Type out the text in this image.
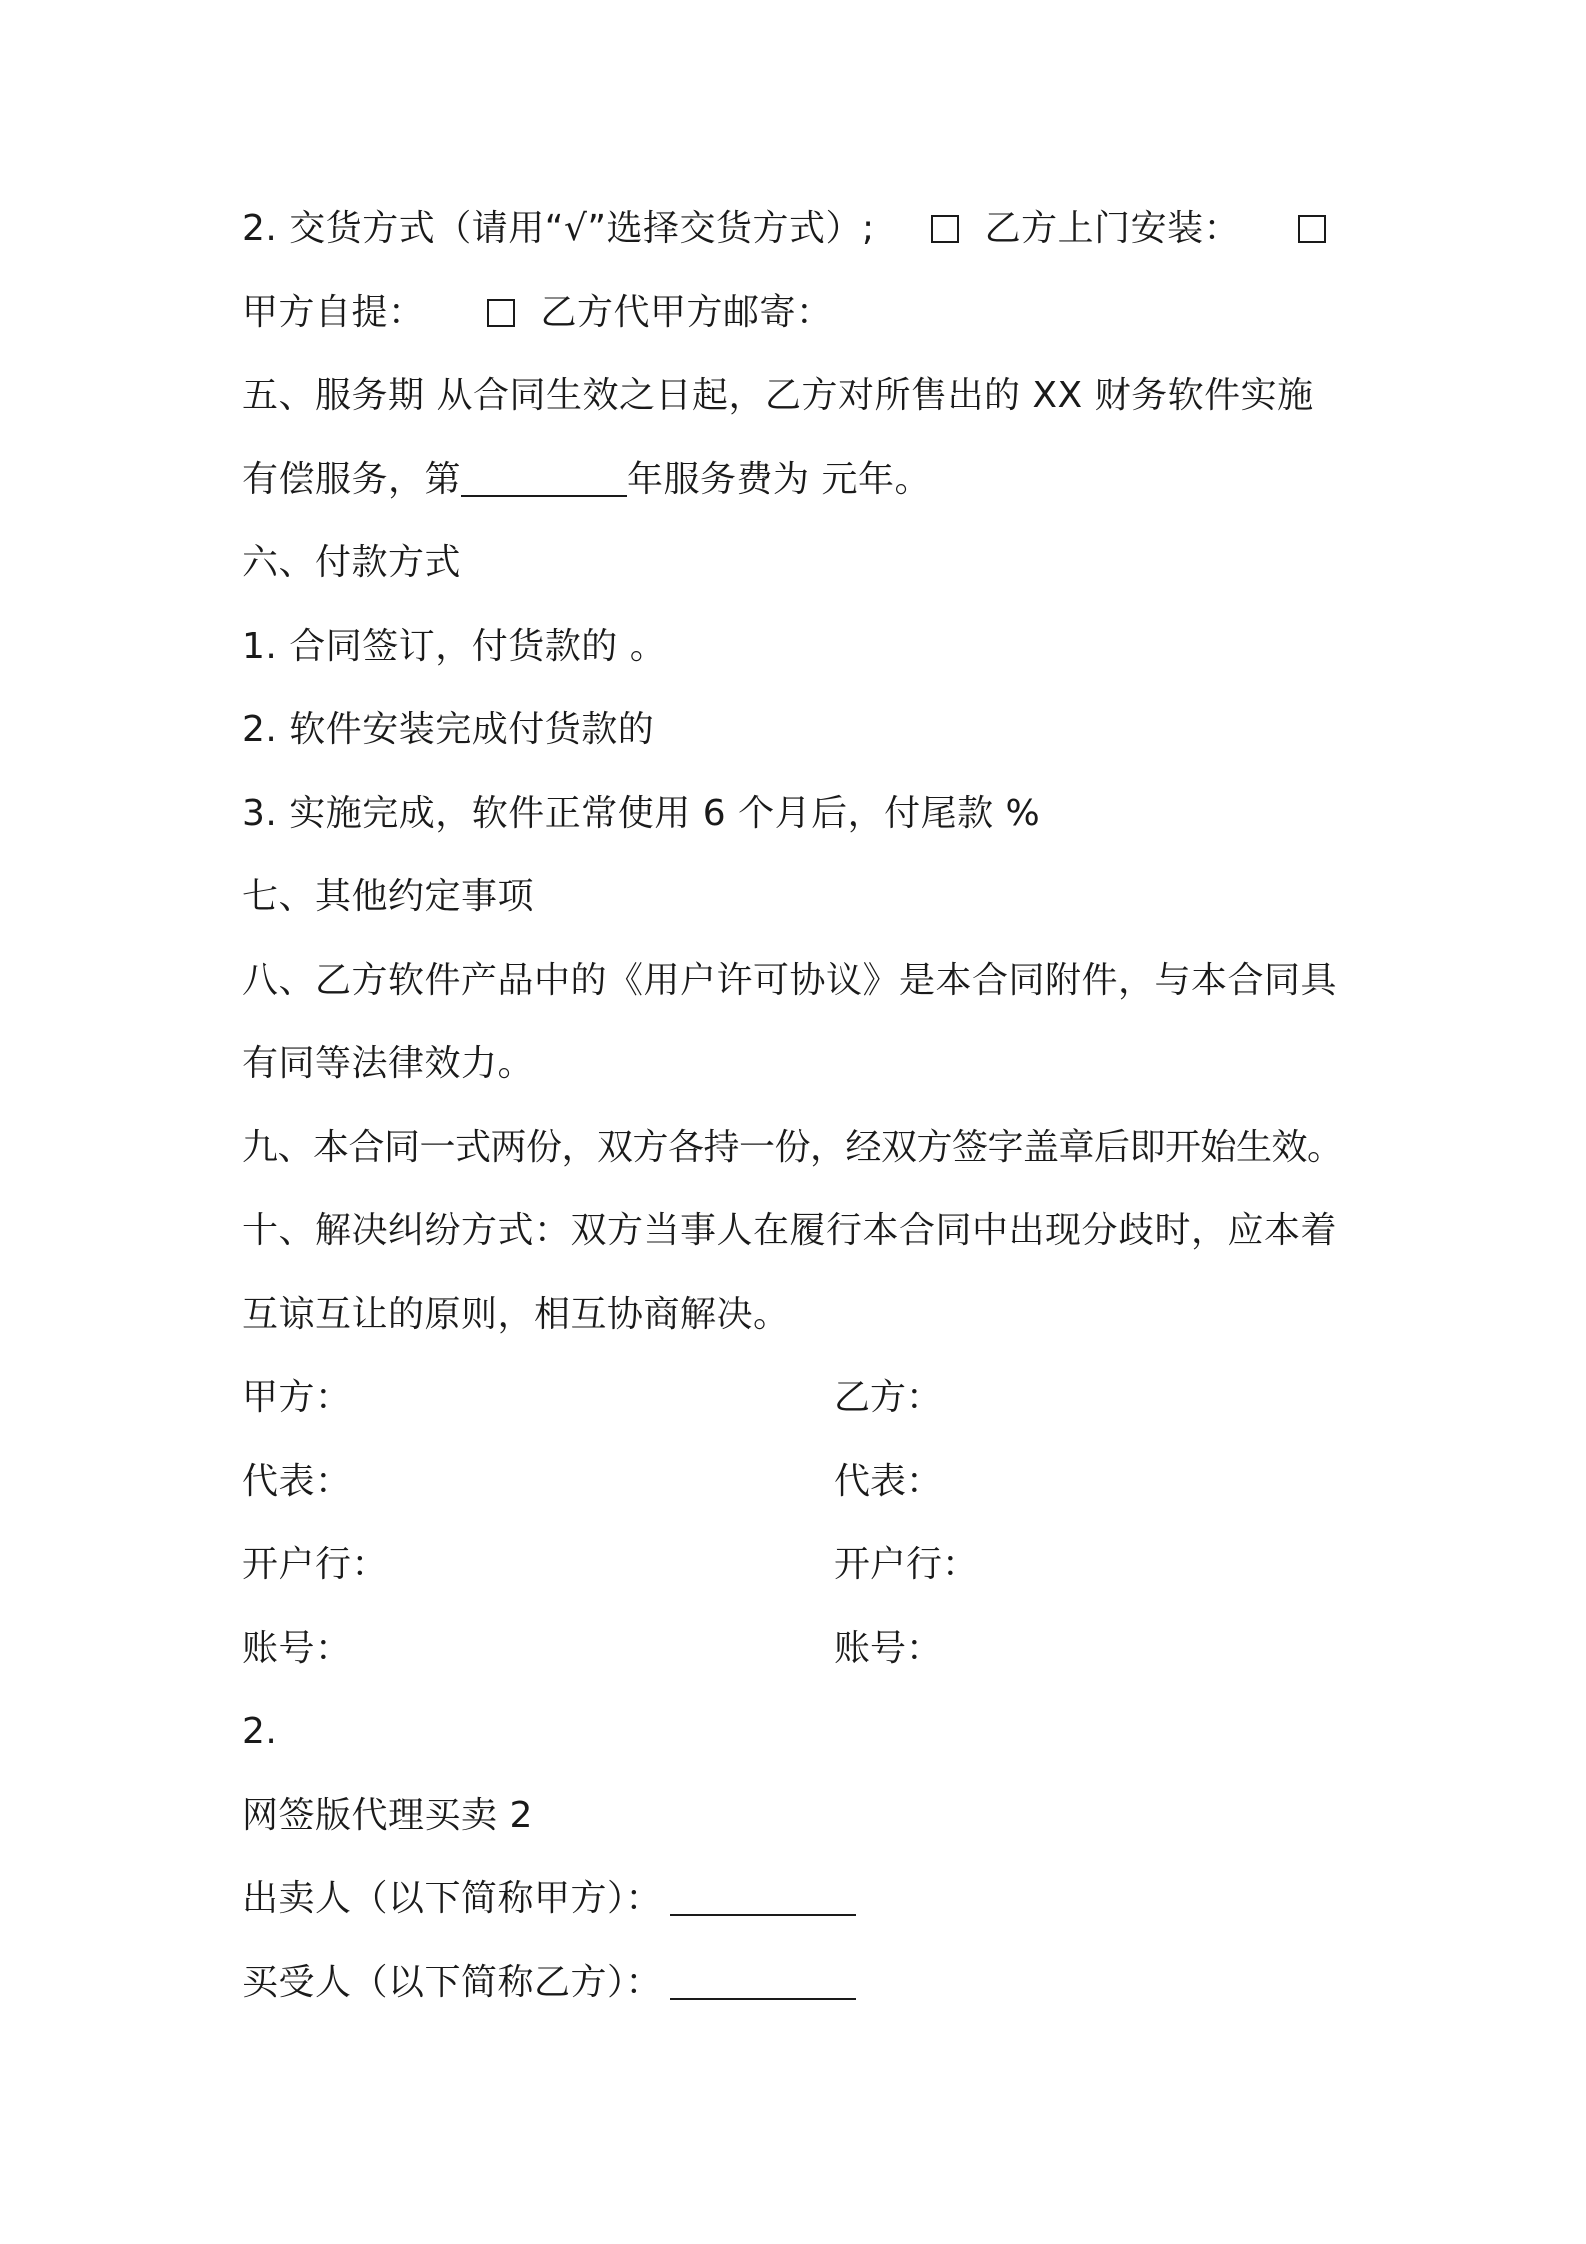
2. 交货方式（请用“√”选择交货方式）;	乙方上门安装：
甲方自提：	乙方代甲方邮寄：
五、服务期 从合同生效之日起，乙方对所售出的 XX 财务软件实施
有偿服务，第	年服务费为 元年。
六、付款方式
1. 合同签订，付货款的 。
2. 软件安装完成付货款的
3. 实施完成，软件正常使用 6 个月后，付尾款 %
七、其他约定事项
八、乙方软件产品中的《用户许可协议》是本合同附件，与本合同具
有同等法律效力。
九、本合同一式两份，双方各持一份，经双方签字盖章后即开始生效。
十、解决纠纷方式：双方当事人在履行本合同中出现分歧时，应本着
互谅互让的原则，相互协商解决。
甲方：	乙方：
代表：	代表：
开户行：	开户行：
账号：	账号：
2.
网签版代理买卖 2
出卖人（以下简称甲方）：
买受人（以下简称乙方）：
